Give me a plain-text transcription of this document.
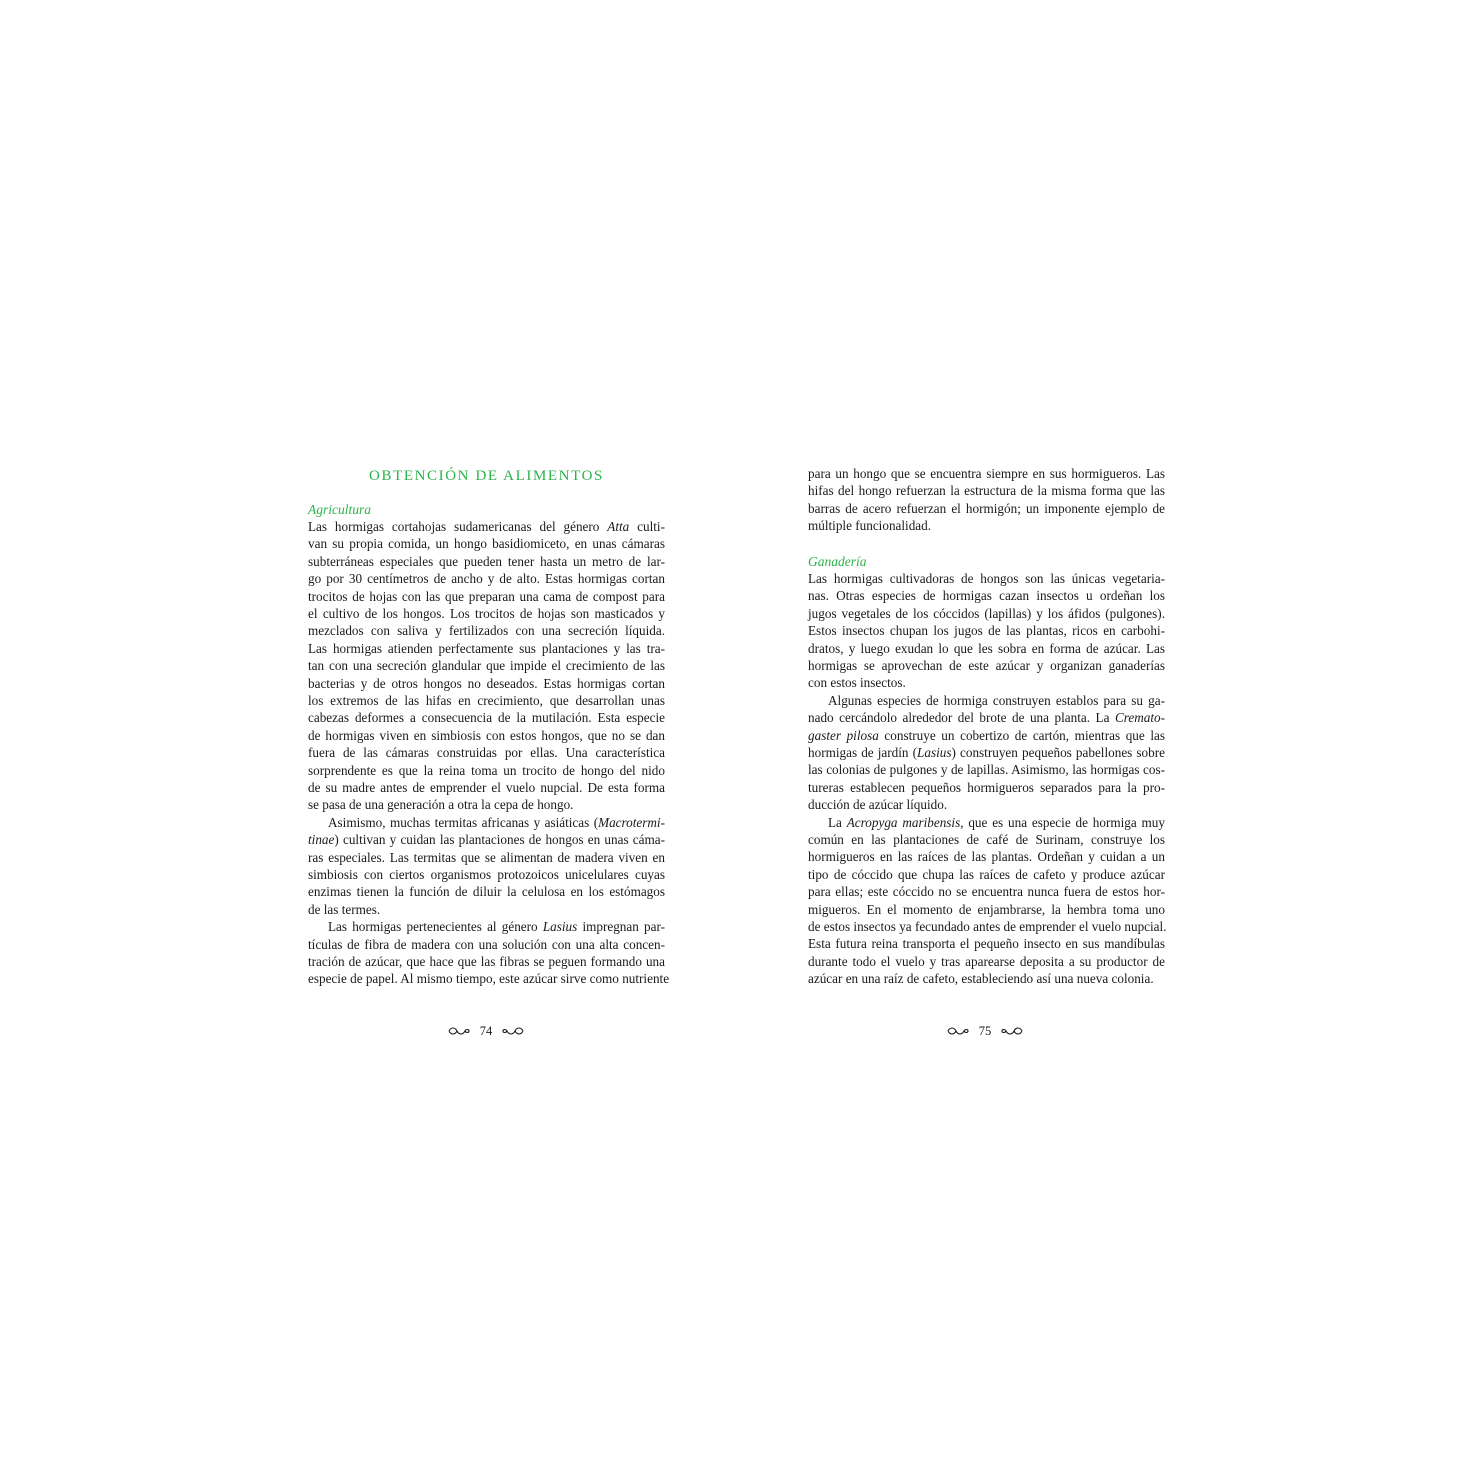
OBTENCIÓN DE ALIMENTOS
Agricultura
Las hormigas cortahojas sudamericanas del género Atta culti-
van su propia comida, un hongo basidiomiceto, en unas cámaras
subterráneas especiales que pueden tener hasta un metro de lar-
go por 30 centímetros de ancho y de alto. Estas hormigas cortan
trocitos de hojas con las que preparan una cama de compost para
el cultivo de los hongos. Los trocitos de hojas son masticados y
mezclados con saliva y fertilizados con una secreción líquida.
Las hormigas atienden perfectamente sus plantaciones y las tra-
tan con una secreción glandular que impide el crecimiento de las
bacterias y de otros hongos no deseados. Estas hormigas cortan
los extremos de las hifas en crecimiento, que desarrollan unas
cabezas deformes a consecuencia de la mutilación. Esta especie
de hormigas viven en simbiosis con estos hongos, que no se dan
fuera de las cámaras construidas por ellas. Una característica
sorprendente es que la reina toma un trocito de hongo del nido
de su madre antes de emprender el vuelo nupcial. De esta forma
se pasa de una generación a otra la cepa de hongo.
Asimismo, muchas termitas africanas y asiáticas (Macrotermi-
tinae) cultivan y cuidan las plantaciones de hongos en unas cáma-
ras especiales. Las termitas que se alimentan de madera viven en
simbiosis con ciertos organismos protozoicos unicelulares cuyas
enzimas tienen la función de diluir la celulosa en los estómagos
de las termes.
Las hormigas pertenecientes al género Lasius impregnan par-
tículas de fibra de madera con una solución con una alta concen-
tración de azúcar, que hace que las fibras se peguen formando una
especie de papel. Al mismo tiempo, este azúcar sirve como nutriente
para un hongo que se encuentra siempre en sus hormigueros. Las
hifas del hongo refuerzan la estructura de la misma forma que las
barras de acero refuerzan el hormigón; un imponente ejemplo de
múltiple funcionalidad.
Ganadería
Las hormigas cultivadoras de hongos son las únicas vegetaria-
nas. Otras especies de hormigas cazan insectos u ordeñan los
jugos vegetales de los cóccidos (lapillas) y los áfidos (pulgones).
Estos insectos chupan los jugos de las plantas, ricos en carbohi-
dratos, y luego exudan lo que les sobra en forma de azúcar. Las
hormigas se aprovechan de este azúcar y organizan ganaderías
con estos insectos.
Algunas especies de hormiga construyen establos para su ga-
nado cercándolo alrededor del brote de una planta. La Cremato-
gaster pilosa construye un cobertizo de cartón, mientras que las
hormigas de jardín (Lasius) construyen pequeños pabellones sobre
las colonias de pulgones y de lapillas. Asimismo, las hormigas cos-
tureras establecen pequeños hormigueros separados para la pro-
ducción de azúcar líquido.
La Acropyga maribensis, que es una especie de hormiga muy
común en las plantaciones de café de Surinam, construye los
hormigueros en las raíces de las plantas. Ordeñan y cuidan a un
tipo de cóccido que chupa las raíces de cafeto y produce azúcar
para ellas; este cóccido no se encuentra nunca fuera de estos hor-
migueros. En el momento de enjambrarse, la hembra toma uno
de estos insectos ya fecundado antes de emprender el vuelo nupcial.
Esta futura reina transporta el pequeño insecto en sus mandíbulas
durante todo el vuelo y tras aparearse deposita a su productor de
azúcar en una raíz de cafeto, estableciendo así una nueva colonia.
74	75
